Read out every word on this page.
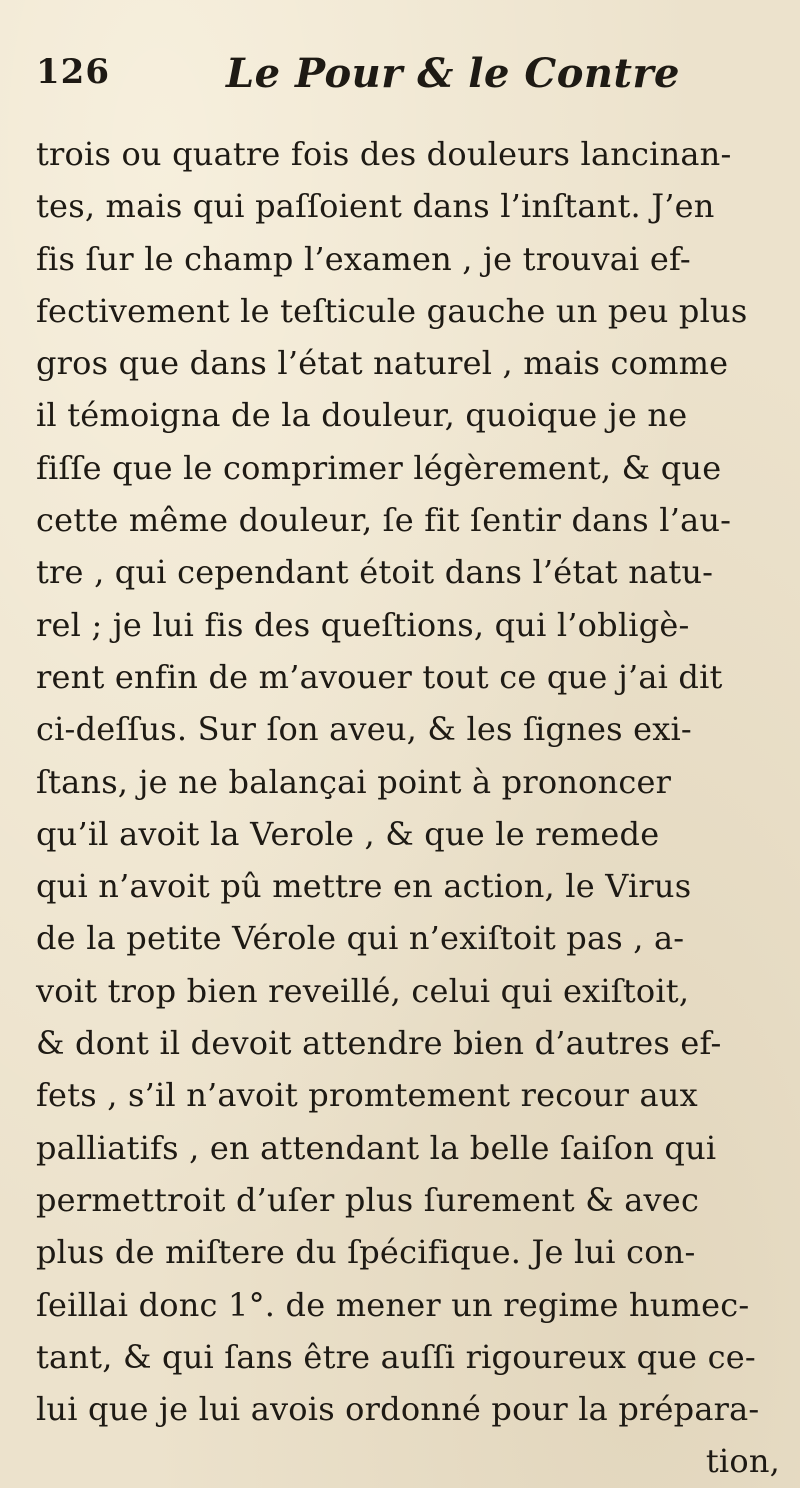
126	Le Pour & le Contre
trois ou quatre fois des douleurs lancinan-
tes, mais qui paſſoient dans l’inſtant. J’en
fis ſur le champ l’examen , je trouvai ef-
fectivement le teſticule gauche un peu plus
gros que dans l’état naturel , mais comme
il témoigna de la douleur, quoique je ne
fiſſe que le comprimer légèrement, & que
cette même douleur, ſe fit ſentir dans l’au-
tre , qui cependant étoit dans l’état natu-
rel ; je lui fis des queſtions, qui l’obligè-
rent enfin de m’avouer tout ce que j’ai dit
ci-deſſus. Sur ſon aveu, & les ſignes exi-
ſtans, je ne balançai point à prononcer
qu’il avoit la Verole , & que le remede
qui n’avoit pû mettre en action, le Virus
de la petite Vérole qui n’exiſtoit pas , a-
voit trop bien reveillé, celui qui exiſtoit,
& dont il devoit attendre bien d’autres ef-
fets , s’il n’avoit promtement recour aux
palliatifs , en attendant la belle ſaiſon qui
permettroit d’uſer plus ſurement & avec
plus de miſtere du ſpécifique. Je lui con-
ſeillai donc 1°. de mener un regime humec-
tant, & qui ſans être auſſi rigoureux que ce-
lui que je lui avois ordonné pour la prépara-
tion,
